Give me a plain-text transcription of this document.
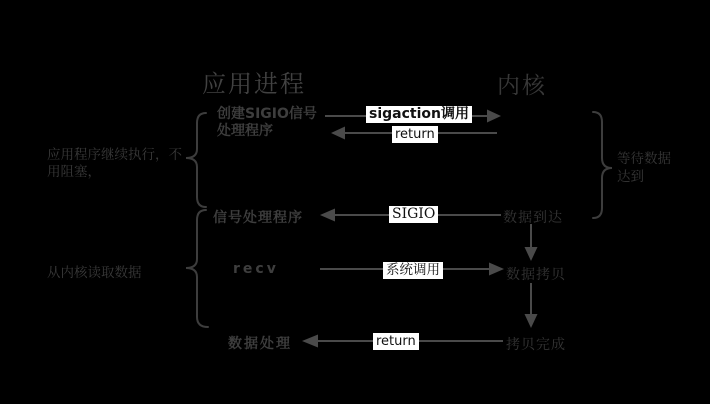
应用进程	内核
创建SIGIO信号
处理程序
信号处理程序
recv
数据处理
数据到达
数据拷贝
拷贝完成
sigaction调用
return
SIGIO
系统调用
return
应用程序继续执行，不
用阻塞，
从内核读取数据
等待数据
达到
